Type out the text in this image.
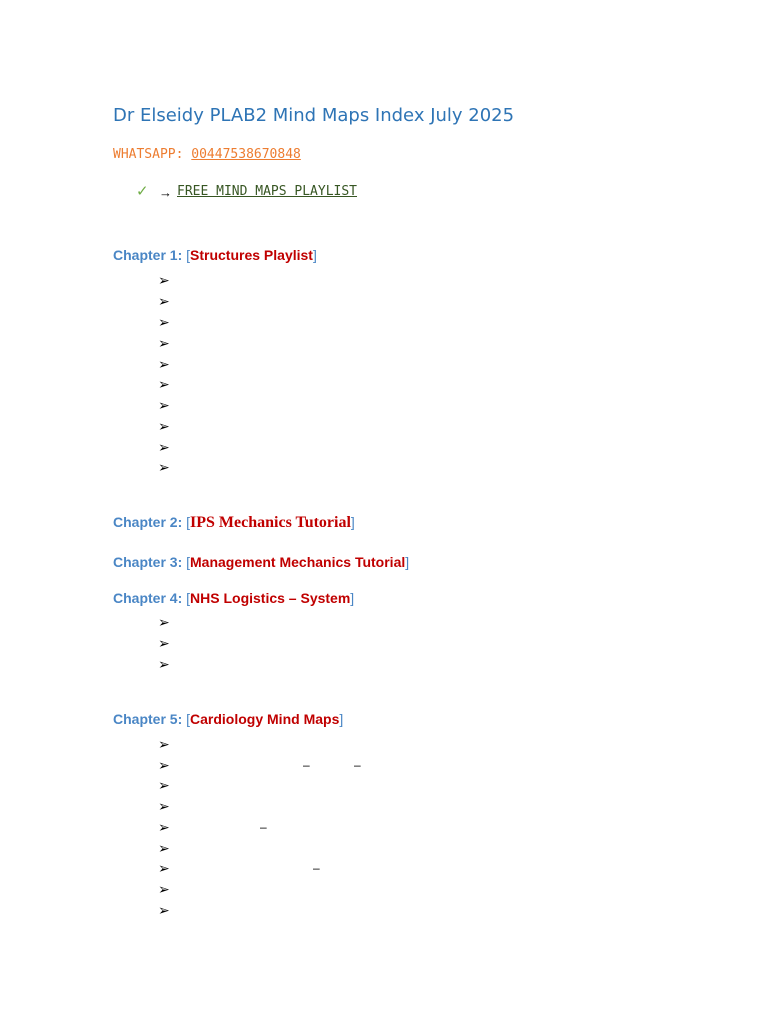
Dr Elseidy PLAB2 Mind Maps Index July 2025
WHATSAPP: 00447538670848
✓ → FREE MIND MAPS PLAYLIST
Chapter 1: [Structures Playlist]
➢
➢
➢
➢
➢
➢
➢
➢
➢
➢
Chapter 2: [IPS Mechanics Tutorial]
Chapter 3: [Management Mechanics Tutorial]
Chapter 4: [NHS Logistics – System]
➢
➢
➢
Chapter 5: [Cardiology Mind Maps]
➢
➢	–	–
➢
➢
➢	–
➢
➢	–
➢
➢
